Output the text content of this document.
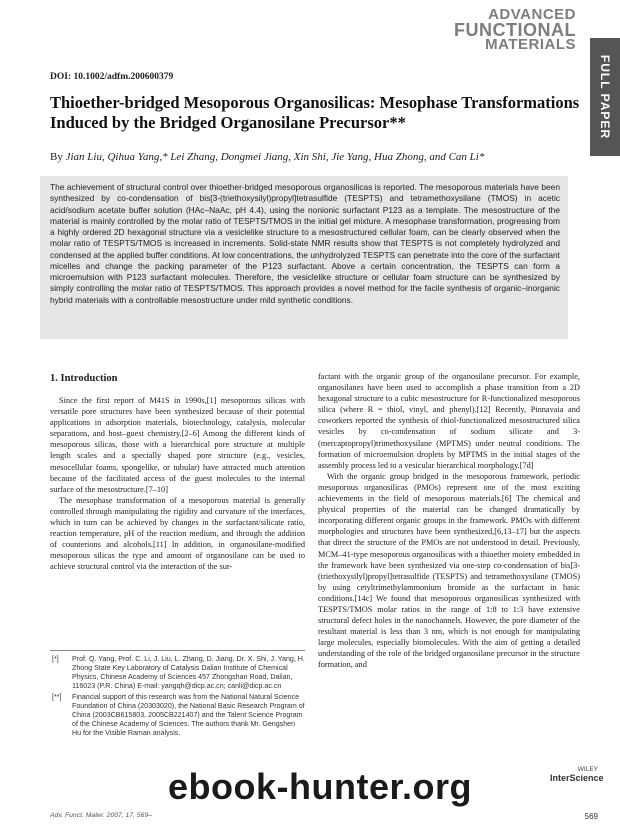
ADVANCED
FUNCTIONAL
MATERIALS
FULL PAPER
DOI: 10.1002/adfm.200600379
Thioether-bridged Mesoporous Organosilicas: Mesophase Transformations Induced by the Bridged Organosilane Precursor**
By Jian Liu, Qihua Yang,* Lei Zhang, Dongmei Jiang, Xin Shi, Jie Yang, Hua Zhong, and Can Li*
The achievement of structural control over thioether-bridged mesoporous organosilicas is reported. The mesoporous materials have been synthesized by co-condensation of bis[3-(triethoxysilyl)propyl]tetrasulfide (TESPTS) and tetramethoxysilane (TMOS) in acetic acid/sodium acetate buffer solution (HAc–NaAc, pH 4.4), using the nonionic surfactant P123 as a template. The mesostructure of the material is mainly controlled by the molar ratio of TESPTS/TMOS in the initial gel mixture. A mesophase transformation, progressing from a highly ordered 2D hexagonal structure via a vesiclelike structure to a mesostructured cellular foam, can be clearly observed when the molar ratio of TESPTS/TMOS is increased in increments. Solid-state NMR results show that TESPTS is not completely hydrolyzed and condensed at the applied buffer conditions. At low concentrations, the unhydrolyzed TESPTS can penetrate into the core of the surfactant micelles and change the packing parameter of the P123 surfactant. Above a certain concentration, the TESPTS can form a microemulsion with P123 surfactant molecules. Therefore, the vesiclelike structure or cellular foam structure can be synthesized by simply controlling the molar ratio of TESPTS/TMOS. This approach provides a novel method for the facile synthesis of organic–inorganic hybrid materials with a controllable mesostructure under mild synthetic conditions.
1. Introduction

Since the first report of M41S in 1990s,[1] mesoporous silicas with versatile pore structures have been synthesized because of their potential applications in adsorption materials, biotechnology, catalysis, molecular separations, and host–guest chemistry.[2–6] Among the different kinds of mesoporous silicas, those with a hierarchical pore structure at multiple length scales and a specially shaped pore structure (e.g., vesicles, mesocellular foams, spongelike, or tubular) have attracted much attention because of the facilitated access of the guest molecules to the internal surface of the mesostructure.[7–10]

The mesophase transformation of a mesoporous material is generally controlled through manipulating the rigidity and curvature of the interfaces, which in turn can be achieved by changes in the surfactant/silicate ratio, reaction temperature, pH of the reaction medium, and through the addition of counterions and alcohols.[11] In addition, in organosilane-modified mesoporous silicas the type and amount of organosilane can be used to achieve structural control via the interaction of the sur-

factant with the organic group of the organosilane precursor. For example, organosilanes have been used to accomplish a phase transition from a 2D hexagonal structure to a cubic mesostructure for R-functionalized mesoporous silica (where R = thiol, vinyl, and phenyl).[12] Recently, Pinnavaia and coworkers reported the synthesis of thiol-functionalized mesostructured silica vesicles by co-condensation of sodium silicate and 3-(mercaptopropyl)trimethoxysilane (MPTMS) under neutral conditions. The formation of microemulsion droplets by MPTMS in the initial stages of the assembly process led to a vesicular hierarchical morphology.[7d]

With the organic group bridged in the mesoporous framework, periodic mesoporous organosilicas (PMOs) represent one of the most exciting achievements in the field of mesoporous materials.[6] The chemical and physical properties of the material can be changed dramatically by incorporating different organic groups in the framework. PMOs with different morphologies and structures have been synthesized,[6,13–17] but the aspects that direct the structure of the PMOs are not understood in detail. Previously, MCM–41-type mesoporous organosilicas with a thioether moiety embedded in the framework have been synthesized via one-step co-condensation of bis[3-(triethoxysilyl)propyl]tetrasulfide (TESPTS) and tetramethoxysilane (TMOS) by using cetyltrimethylammonium bromide as the surfactant in basic conditions.[14c] We found that mesoporous organosilicas synthesized with TESPTS/TMOS molar ratios in the range of 1:8 to 1:3 have extensive structural defect holes in the nanochannels. However, the pore diameter of the resultant material is less than 3 nm, which is not enough for manipulating large molecules, especially biomolecules. With the aim of getting a detailed understanding of the role of the bridged organosilane precursor in the structure formation, and

[*] Prof. Q. Yang, Prof. C. Li, J. Liu, L. Zhang, D. Jiang, Dr. X. Shi, J. Yang, H. Zhong State Key Laboratory of Catalysis Dalian Institute of Chemical Physics, Chinese Academy of Sciences 457 Zhongshan Road, Dalian, 116023 (P.R. China) E-mail: yangqh@dicp.ac.cn; canli@dicp.ac.cn
[**] Financial support of this research was from the National Natural Science Foundation of China (20303020), the National Basic Research Program of China (2003CB615803, 2005CB221407) and the Talent Science Program of the Chinese Academy of Sciences. The authors thank Mr. Gengshen Hu for the Visible Raman analysis.
ebook-hunter.org	WILEY
InterScience
Adv. Funct. Mater. 2007, 17, 569–	569
